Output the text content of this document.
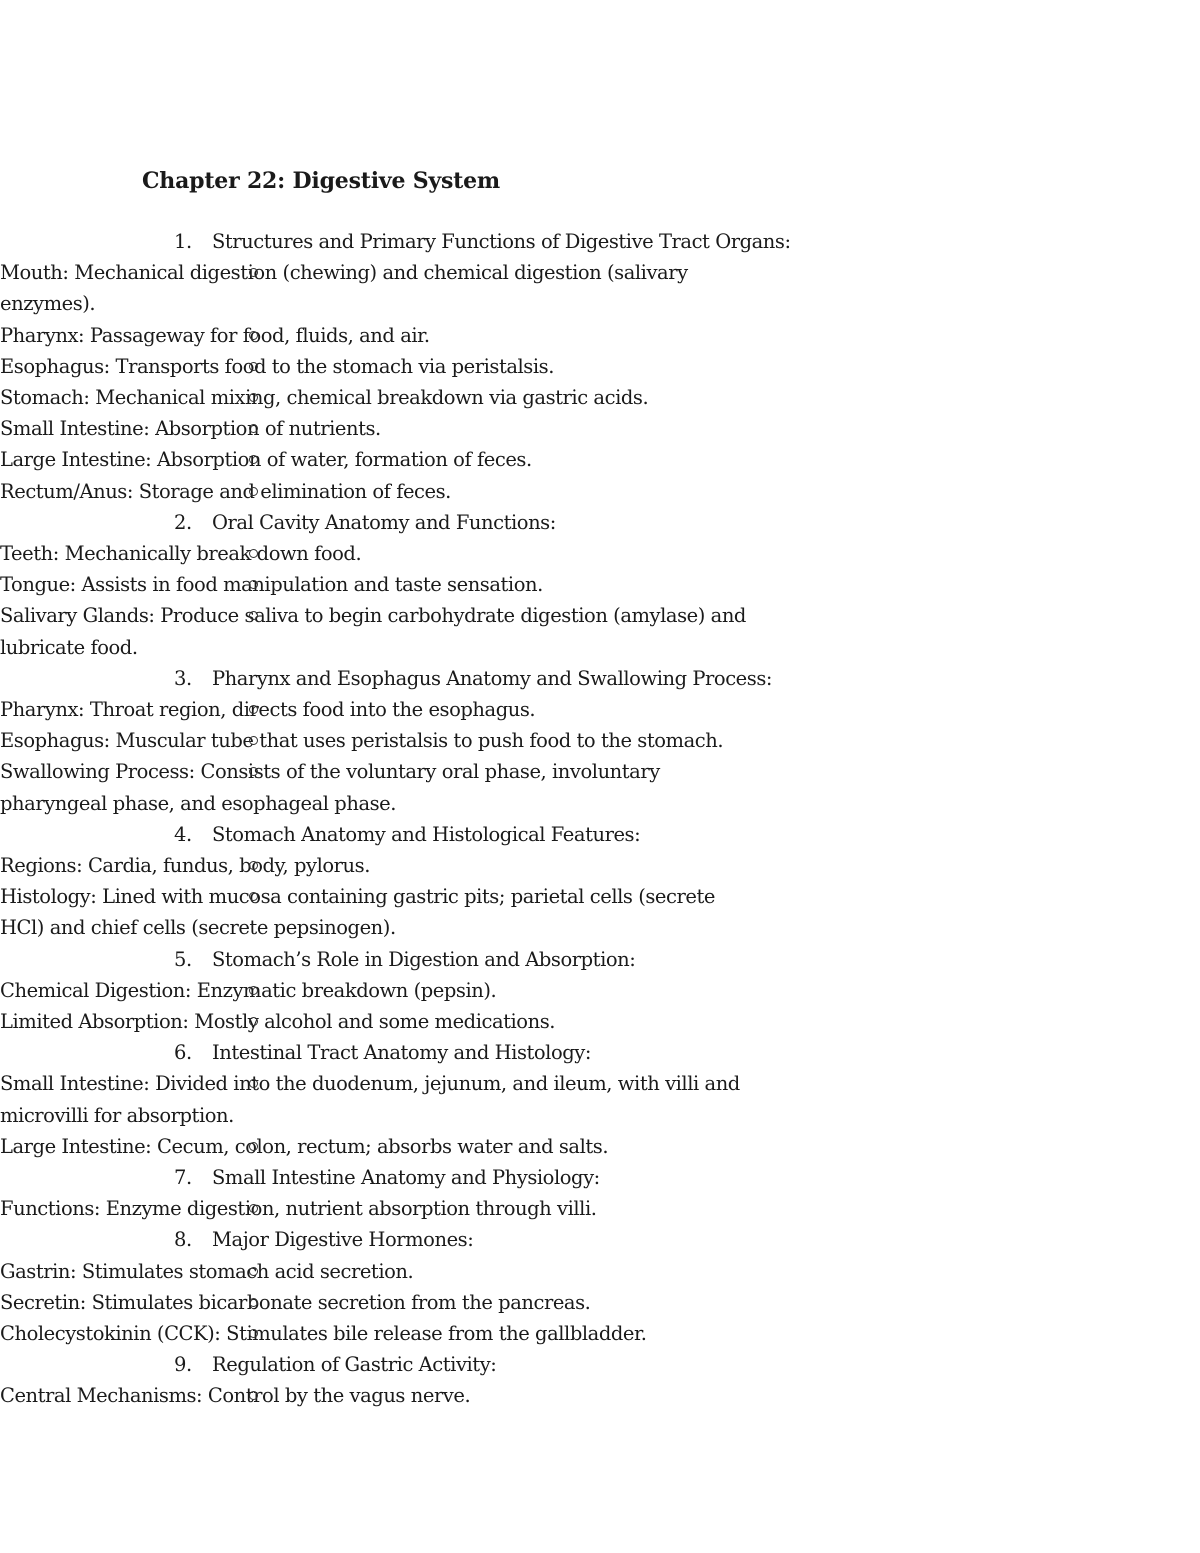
Chapter 22: Digestive System
1. Structures and Primary Functions of Digestive Tract Organs:
Mouth: Mechanical digestion (chewing) and chemical digestion (salivary enzymes).
Pharynx: Passageway for food, fluids, and air.
Esophagus: Transports food to the stomach via peristalsis.
Stomach: Mechanical mixing, chemical breakdown via gastric acids.
Small Intestine: Absorption of nutrients.
Large Intestine: Absorption of water, formation of feces.
Rectum/Anus: Storage and elimination of feces.
2. Oral Cavity Anatomy and Functions:
Teeth: Mechanically break down food.
Tongue: Assists in food manipulation and taste sensation.
Salivary Glands: Produce saliva to begin carbohydrate digestion (amylase) and lubricate food.
3. Pharynx and Esophagus Anatomy and Swallowing Process:
Pharynx: Throat region, directs food into the esophagus.
Esophagus: Muscular tube that uses peristalsis to push food to the stomach.
Swallowing Process: Consists of the voluntary oral phase, involuntary pharyngeal phase, and esophageal phase.
4. Stomach Anatomy and Histological Features:
Regions: Cardia, fundus, body, pylorus.
Histology: Lined with mucosa containing gastric pits; parietal cells (secrete HCl) and chief cells (secrete pepsinogen).
5. Stomach’s Role in Digestion and Absorption:
Chemical Digestion: Enzymatic breakdown (pepsin).
Limited Absorption: Mostly alcohol and some medications.
6. Intestinal Tract Anatomy and Histology:
Small Intestine: Divided into the duodenum, jejunum, and ileum, with villi and microvilli for absorption.
Large Intestine: Cecum, colon, rectum; absorbs water and salts.
7. Small Intestine Anatomy and Physiology:
Functions: Enzyme digestion, nutrient absorption through villi.
8. Major Digestive Hormones:
Gastrin: Stimulates stomach acid secretion.
Secretin: Stimulates bicarbonate secretion from the pancreas.
Cholecystokinin (CCK): Stimulates bile release from the gallbladder.
9. Regulation of Gastric Activity:
Central Mechanisms: Control by the vagus nerve.
